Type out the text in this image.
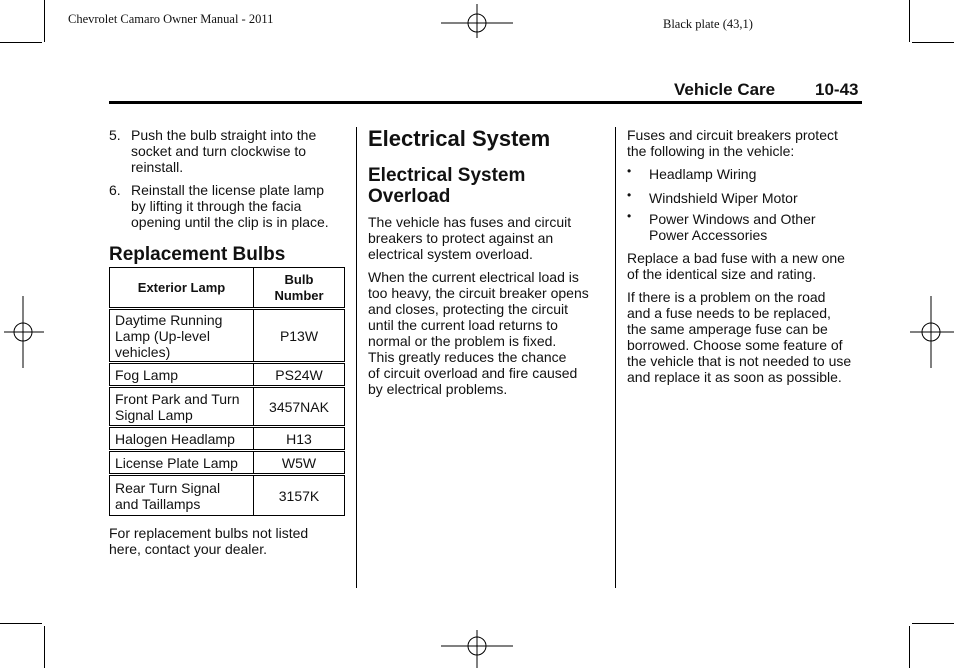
Chevrolet Camaro Owner Manual - 2011	Black plate (43,1)
Vehicle Care 10-43
5. Push the bulb straight into the
socket and turn clockwise to
reinstall.
6. Reinstall the license plate lamp
by lifting it through the facia
opening until the clip is in place.
Replacement Bulbs
Exterior Lamp	Bulb
Number

Daytime Running
Lamp (Up-level
vehicles)	P13W

Fog Lamp	PS24W

Front Park and Turn
Signal Lamp	3457NAK

Halogen Headlamp	H13

License Plate Lamp	W5W

Rear Turn Signal
and Taillamps	3157K
For replacement bulbs not listed
here, contact your dealer.
Electrical System
Electrical System
Overload
The vehicle has fuses and circuit
breakers to protect against an
electrical system overload.
When the current electrical load is
too heavy, the circuit breaker opens
and closes, protecting the circuit
until the current load returns to
normal or the problem is fixed.
This greatly reduces the chance
of circuit overload and fire caused
by electrical problems.
Fuses and circuit breakers protect
the following in the vehicle:
• Headlamp Wiring
• Windshield Wiper Motor
• Power Windows and Other
Power Accessories
Replace a bad fuse with a new one
of the identical size and rating.
If there is a problem on the road
and a fuse needs to be replaced,
the same amperage fuse can be
borrowed. Choose some feature of
the vehicle that is not needed to use
and replace it as soon as possible.
